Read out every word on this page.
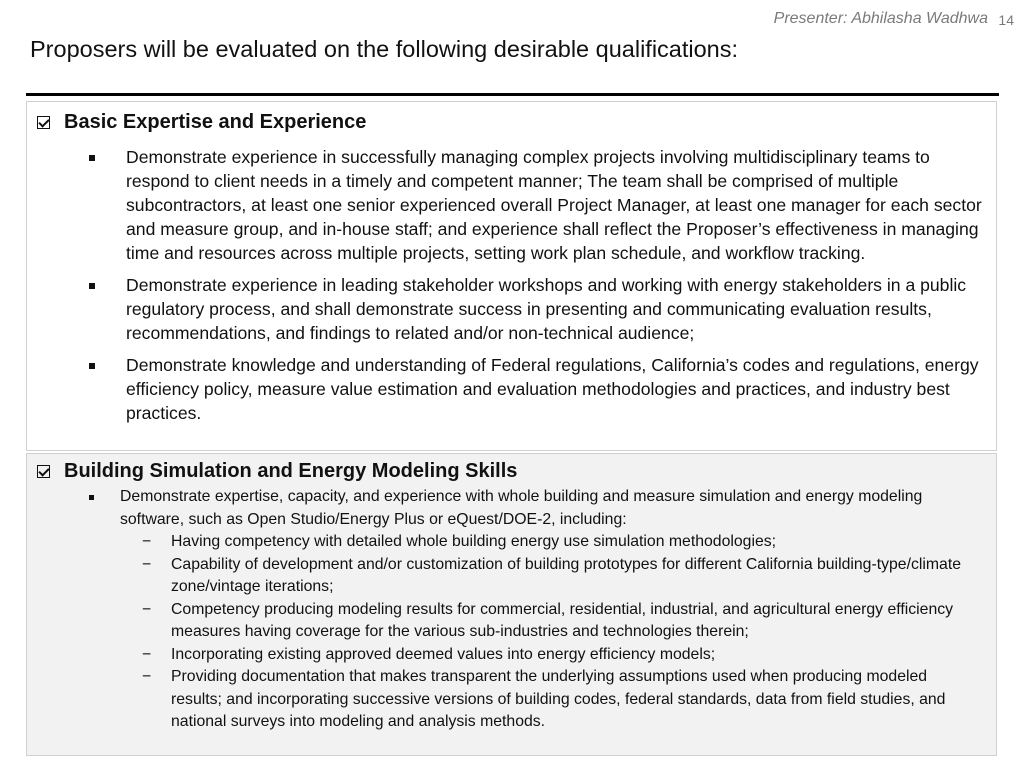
Presenter: Abhilasha Wadhwa 14
Proposers will be evaluated on the following desirable qualifications:
Basic Expertise and Experience
Demonstrate experience in successfully managing complex projects involving multidisciplinary teams to respond to client needs in a timely and competent manner; The team shall be comprised of multiple subcontractors, at least one senior experienced overall Project Manager, at least one manager for each sector and measure group, and in-house staff; and experience shall reflect the Proposer’s effectiveness in managing time and resources across multiple projects, setting work plan schedule, and workflow tracking.
Demonstrate experience in leading stakeholder workshops and working with energy stakeholders in a public regulatory process, and shall demonstrate success in presenting and communicating evaluation results, recommendations, and findings to related and/or non-technical audience;
Demonstrate knowledge and understanding of Federal regulations, California’s codes and regulations, energy efficiency policy, measure value estimation and evaluation methodologies and practices, and industry best practices.
Building Simulation and Energy Modeling Skills
Demonstrate expertise, capacity, and experience with whole building and measure simulation and energy modeling software, such as Open Studio/Energy Plus or eQuest/DOE-2, including:
− Having competency with detailed whole building energy use simulation methodologies;
− Capability of development and/or customization of building prototypes for different California building-type/climate zone/vintage iterations;
− Competency producing modeling results for commercial, residential, industrial, and agricultural energy efficiency measures having coverage for the various sub-industries and technologies therein;
− Incorporating existing approved deemed values into energy efficiency models;
− Providing documentation that makes transparent the underlying assumptions used when producing modeled results; and incorporating successive versions of building codes, federal standards, data from field studies, and national surveys into modeling and analysis methods.
